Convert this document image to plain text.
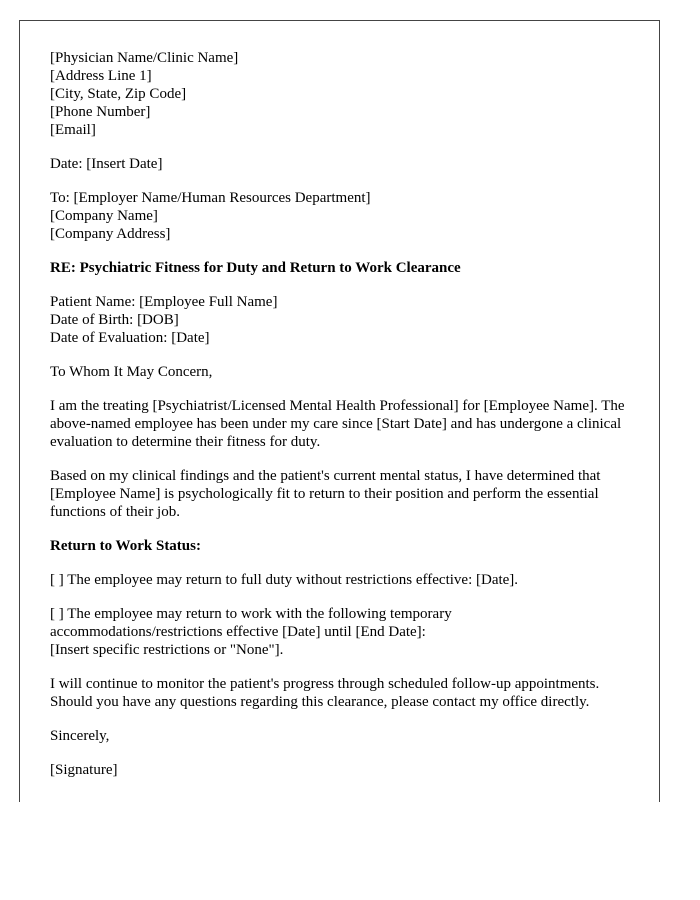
[Physician Name/Clinic Name]
[Address Line 1]
[City, State, Zip Code]
[Phone Number]
[Email]
Date: [Insert Date]
To: [Employer Name/Human Resources Department]
[Company Name]
[Company Address]
RE: Psychiatric Fitness for Duty and Return to Work Clearance
Patient Name: [Employee Full Name]
Date of Birth: [DOB]
Date of Evaluation: [Date]
To Whom It May Concern,
I am the treating [Psychiatrist/Licensed Mental Health Professional] for [Employee Name]. The above-named employee has been under my care since [Start Date] and has undergone a clinical evaluation to determine their fitness for duty.
Based on my clinical findings and the patient's current mental status, I have determined that [Employee Name] is psychologically fit to return to their position and perform the essential functions of their job.
Return to Work Status:
[ ] The employee may return to full duty without restrictions effective: [Date].
[ ] The employee may return to work with the following temporary
accommodations/restrictions effective [Date] until [End Date]:
[Insert specific restrictions or "None"].
I will continue to monitor the patient's progress through scheduled follow-up appointments. Should you have any questions regarding this clearance, please contact my office directly.
Sincerely,
[Signature]
